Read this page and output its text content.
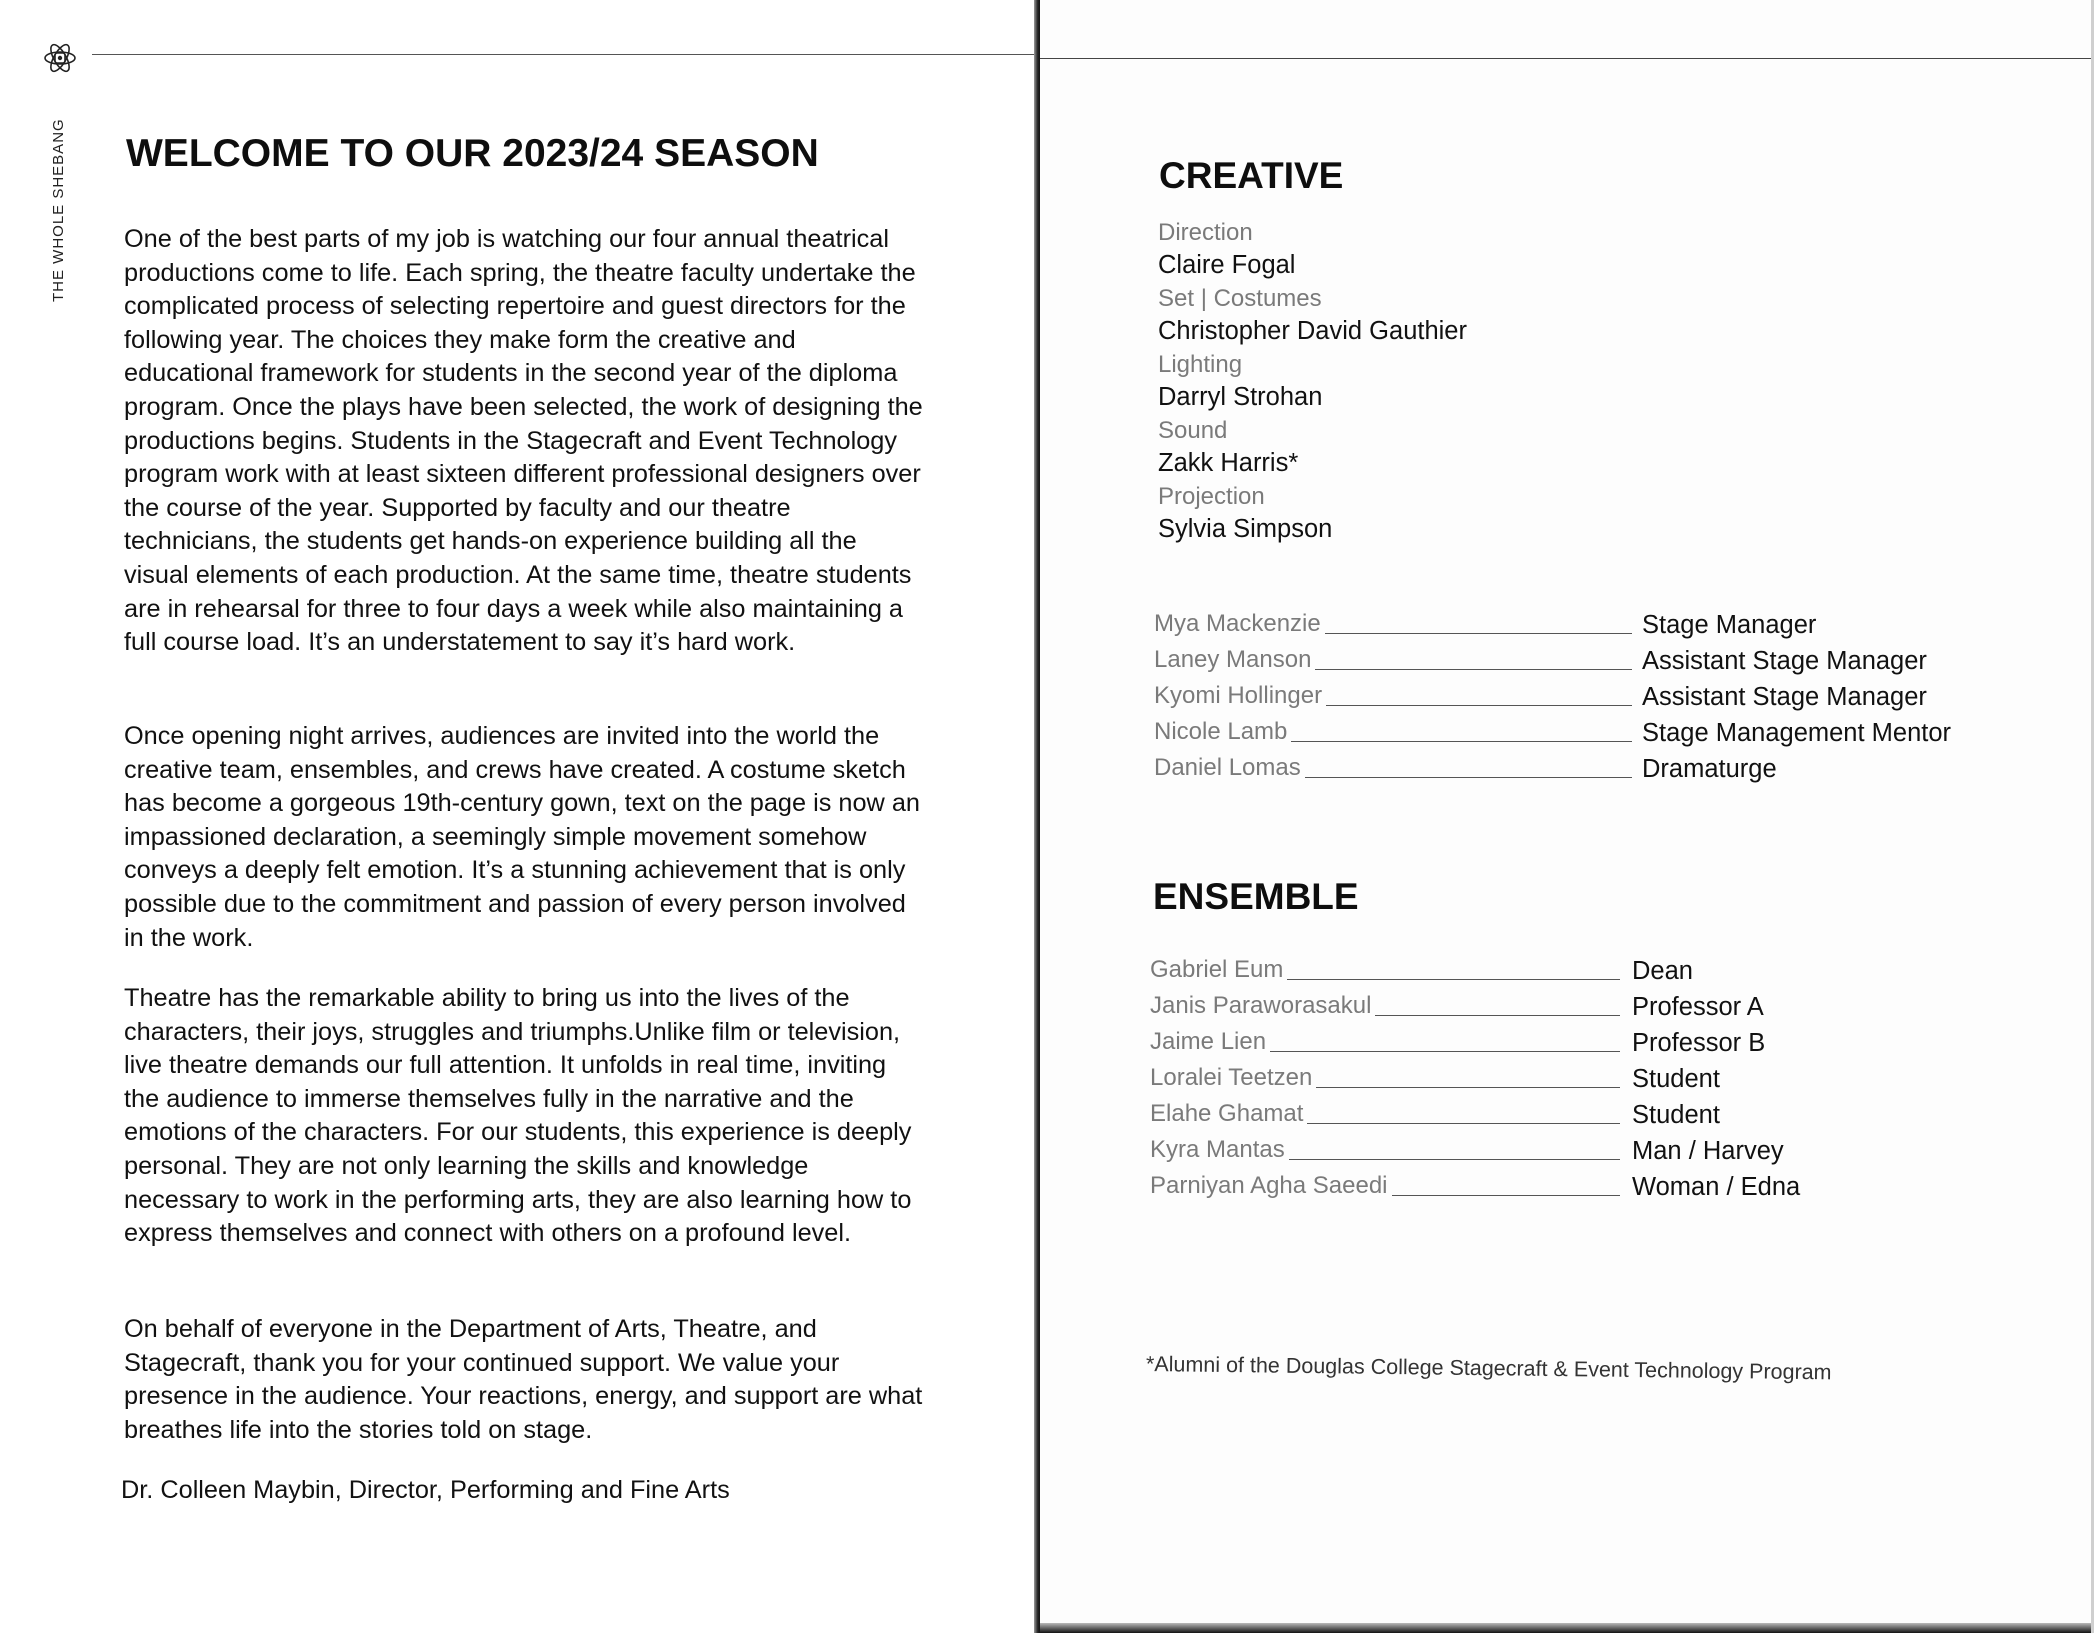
THE WHOLE SHEBANG WELCOME TO OUR 2023/24 SEASON

One of the best parts of my job is watching our four annual theatrical productions come to life. Each spring, the theatre faculty undertake the complicated process of selecting repertoire and guest directors for the following year. The choices they make form the creative and educational framework for students in the second year of the diploma program. Once the plays have been selected, the work of designing the productions begins. Students in the Stagecraft and Event Technology program work with at least sixteen different professional designers over the course of the year. Supported by faculty and our theatre technicians, the students get hands-on experience building all the visual elements of each production. At the same time, theatre students are in rehearsal for three to four days a week while also maintaining a full course load. It’s an understatement to say it’s hard work.

Once opening night arrives, audiences are invited into the world the creative team, ensembles, and crews have created. A costume sketch has become a gorgeous 19th-century gown, text on the page is now an impassioned declaration, a seemingly simple movement somehow conveys a deeply felt emotion. It’s a stunning achievement that is only possible due to the commitment and passion of every person involved in the work.

Theatre has the remarkable ability to bring us into the lives of the characters, their joys, struggles and triumphs.Unlike film or television, live theatre demands our full attention. It unfolds in real time, inviting the audience to immerse themselves fully in the narrative and the emotions of the characters. For our students, this experience is deeply personal. They are not only learning the skills and knowledge necessary to work in the performing arts, they are also learning how to express themselves and connect with others on a profound level.

On behalf of everyone in the Department of Arts, Theatre, and Stagecraft, thank you for your continued support. We value your presence in the audience. Your reactions, energy, and support are what breathes life into the stories told on stage.

Dr. Colleen Maybin, Director, Performing and Fine Arts
CREATIVE
Direction
Claire Fogal
Set | Costumes
Christopher David Gauthier
Lighting
Darryl Strohan
Sound
Zakk Harris*
Projection
Sylvia Simpson
Mya Mackenzie	Stage Manager
Laney Manson	Assistant Stage Manager
Kyomi Hollinger	Assistant Stage Manager
Nicole Lamb	Stage Management Mentor
Daniel Lomas	Dramaturge
ENSEMBLE
Gabriel Eum	Dean
Janis Paraworasakul	Professor A
Jaime Lien	Professor B
Loralei Teetzen	Student
Elahe Ghamat	Student
Kyra Mantas	Man / Harvey
Parniyan Agha Saeedi	Woman / Edna
*Alumni of the Douglas College Stagecraft & Event Technology Program
